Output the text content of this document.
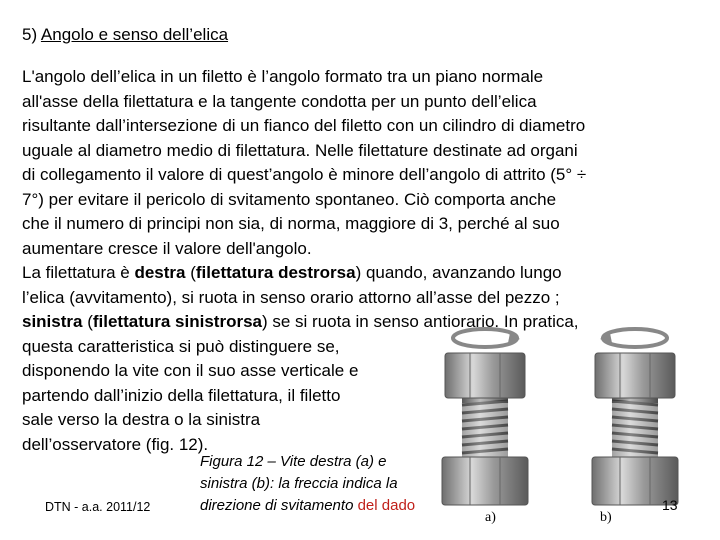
5) Angolo e senso dell’elica
L'angolo dell’elica in un filetto è l’angolo formato tra un piano normale
all'asse della filettatura e la tangente condotta per un punto dell’elica
risultante dall’intersezione di un fianco del filetto con un cilindro di diametro
uguale al diametro medio di filettatura. Nelle filettature destinate ad organi
di collegamento il valore di quest’angolo è minore dell’angolo di attrito (5° ÷
7°) per evitare il pericolo di svitamento spontaneo. Ciò comporta anche
che il numero di principi non sia, di norma, maggiore di 3, perché al suo
aumentare cresce il valore dell'angolo.
La filettatura è destra (filettatura destrorsa) quando, avanzando lungo
l’elica (avvitamento), si ruota in senso orario attorno all’asse del pezzo ;
sinistra (filettatura sinistrorsa) se si ruota in senso antiorario. In pratica,
questa caratteristica si può distinguere se,
disponendo la vite con il suo asse verticale e
partendo dall’inizio della filettatura, il filetto
sale verso la destra o la sinistra
dell’osservatore (fig. 12).
a)	b)
Figura 12 – Vite destra (a) e
sinistra (b): la freccia indica la
direzione di svitamento del dado
DTN - a.a. 2011/12	13
